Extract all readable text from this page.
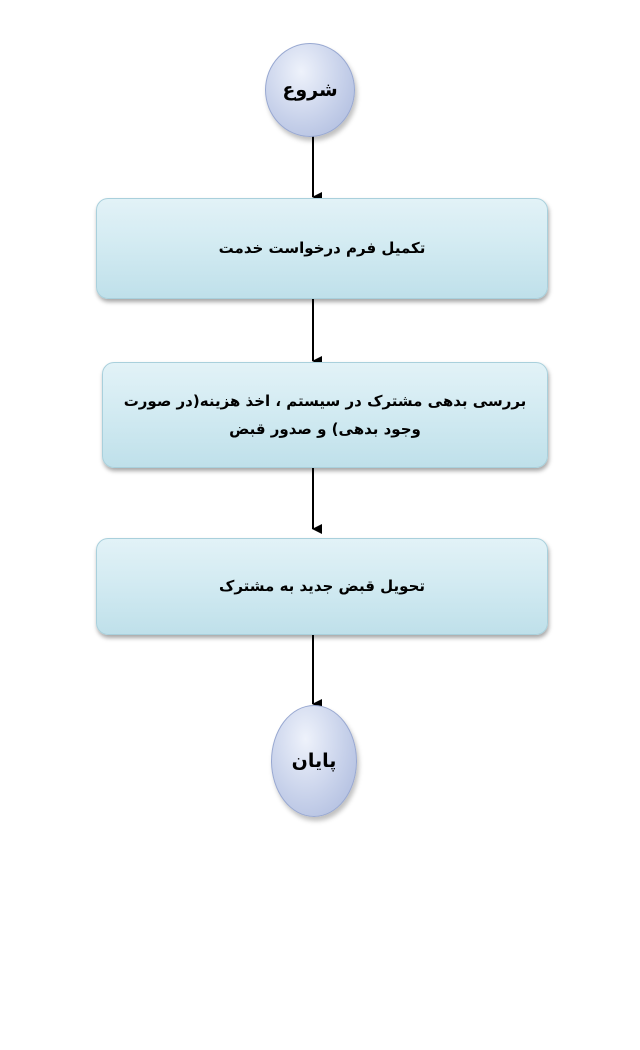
شروع
تکمیل فرم درخواست خدمت
بررسی بدهی مشترک در سیستم ، اخذ هزینه(در صورت وجود بدهی) و صدور قبض
تحویل قبض جدید به مشترک
پایان
